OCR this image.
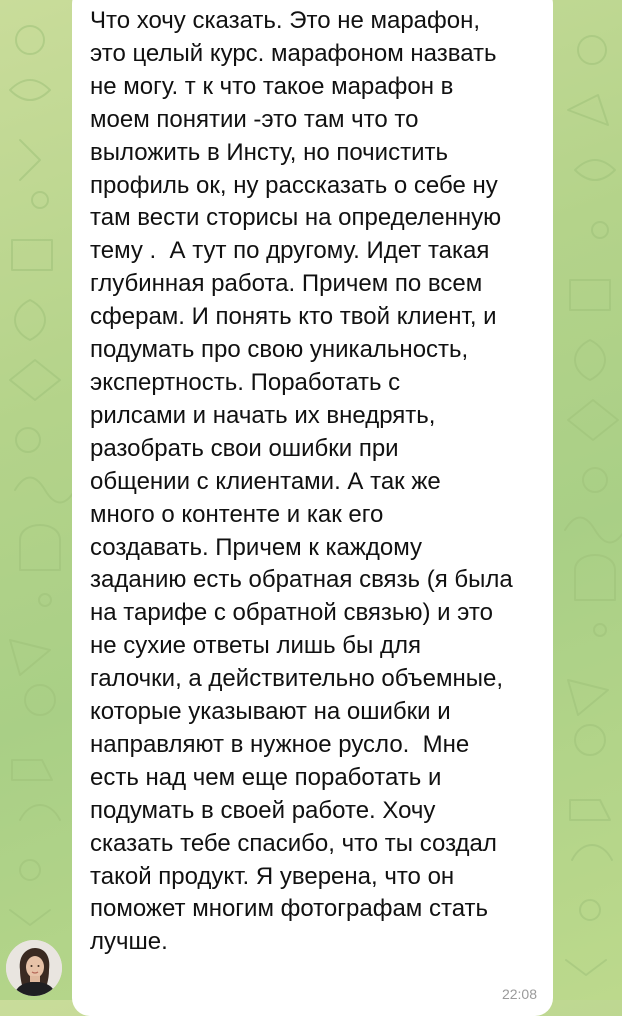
Что хочу сказать. Это не марафон,
это целый курс. марафоном назвать
не могу. т к что такое марафон в
моем понятии -это там что то
выложить в Инсту, но почистить
профиль ок, ну рассказать о себе ну
там вести сторисы на определенную
тему .  А тут по другому. Идет такая
глубинная работа. Причем по всем
сферам. И понять кто твой клиент, и
подумать про свою уникальность,
экспертность. Поработать с
рилсами и начать их внедрять,
разобрать свои ошибки при
общении с клиентами. А так же
много о контенте и как его
создавать. Причем к каждому
заданию есть обратная связь (я была
на тарифе с обратной связью) и это
не сухие ответы лишь бы для
галочки, а действительно объемные,
которые указывают на ошибки и
направляют в нужное русло.  Мне
есть над чем еще поработать и
подумать в своей работе. Хочу
сказать тебе спасибо, что ты создал
такой продукт. Я уверена, что он
поможет многим фотографам стать
лучше.
22:08
